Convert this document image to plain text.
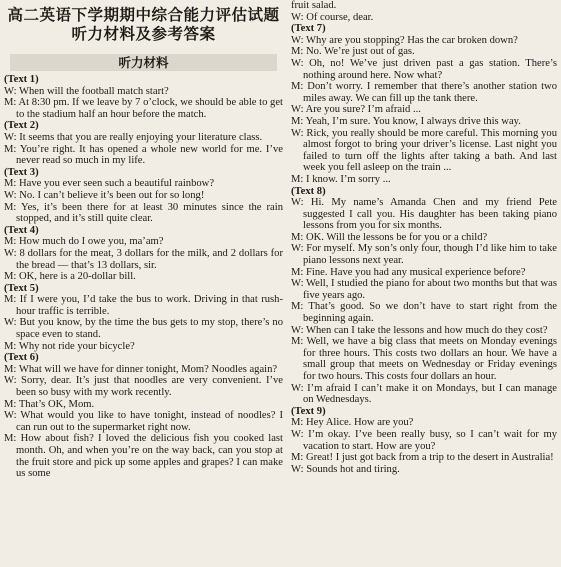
高二英语下学期期中综合能力评估试题
听力材料及参考答案
听力材料
(Text 1)
W: When will the football match start?
M: At 8:30 pm. If we leave by 7 o’clock, we should be able to get to the stadium half an hour before the match.
(Text 2)
W: It seems that you are really enjoying your literature class.
M: You’re right. It has opened a whole new world for me. I’ve never read so much in my life.
(Text 3)
M: Have you ever seen such a beautiful rainbow?
W: No. I can’t believe it’s been out for so long!
M: Yes, it’s been there for at least 30 minutes since the rain stopped, and it’s still quite clear.
(Text 4)
M: How much do I owe you, ma’am?
W: 8 dollars for the meat, 3 dollars for the milk, and 2 dollars for the bread — that’s 13 dollars, sir.
M: OK, here is a 20-dollar bill.
(Text 5)
M: If I were you, I’d take the bus to work. Driving in that rush-hour traffic is terrible.
W: But you know, by the time the bus gets to my stop, there’s no space even to stand.
M: Why not ride your bicycle?
(Text 6)
M: What will we have for dinner tonight, Mom? Noodles again?
W: Sorry, dear. It’s just that noodles are very convenient. I’ve been so busy with my work recently.
M: That’s OK, Mom.
W: What would you like to have tonight, instead of noodles? I can run out to the supermarket right now.
M: How about fish? I loved the delicious fish you cooked last month. Oh, and when you’re on the way back, can you stop at the fruit store and pick up some apples and grapes? I can make us some
fruit salad.
W: Of course, dear.
(Text 7)
W: Why are you stopping? Has the car broken down?
M: No. We’re just out of gas.
W: Oh, no! We’ve just driven past a gas station. There’s nothing around here. Now what?
M: Don’t worry. I remember that there’s another station two miles away. We can fill up the tank there.
W: Are you sure? I’m afraid ...
M: Yeah, I’m sure. You know, I always drive this way.
W: Rick, you really should be more careful. This morning you almost forgot to bring your driver’s license. Last night you failed to turn off the lights after taking a bath. And last week you fell asleep on the train ...
M: I know. I’m sorry ...
(Text 8)
W: Hi. My name’s Amanda Chen and my friend Pete suggested I call you. His daughter has been taking piano lessons from you for six months.
M: OK. Will the lessons be for you or a child?
W: For myself. My son’s only four, though I’d like him to take piano lessons next year.
M: Fine. Have you had any musical experience before?
W: Well, I studied the piano for about two months but that was five years ago.
M: That’s good. So we don’t have to start right from the beginning again.
W: When can I take the lessons and how much do they cost?
M: Well, we have a big class that meets on Monday evenings for three hours. This costs two dollars an hour. We have a small group that meets on Wednesday or Friday evenings for two hours. This costs four dollars an hour.
W: I’m afraid I can’t make it on Mondays, but I can manage on Wednesdays.
(Text 9)
M: Hey Alice. How are you?
W: I’m okay. I’ve been really busy, so I can’t wait for my vacation to start. How are you?
M: Great! I just got back from a trip to the desert in Australia!
W: Sounds hot and tiring.
